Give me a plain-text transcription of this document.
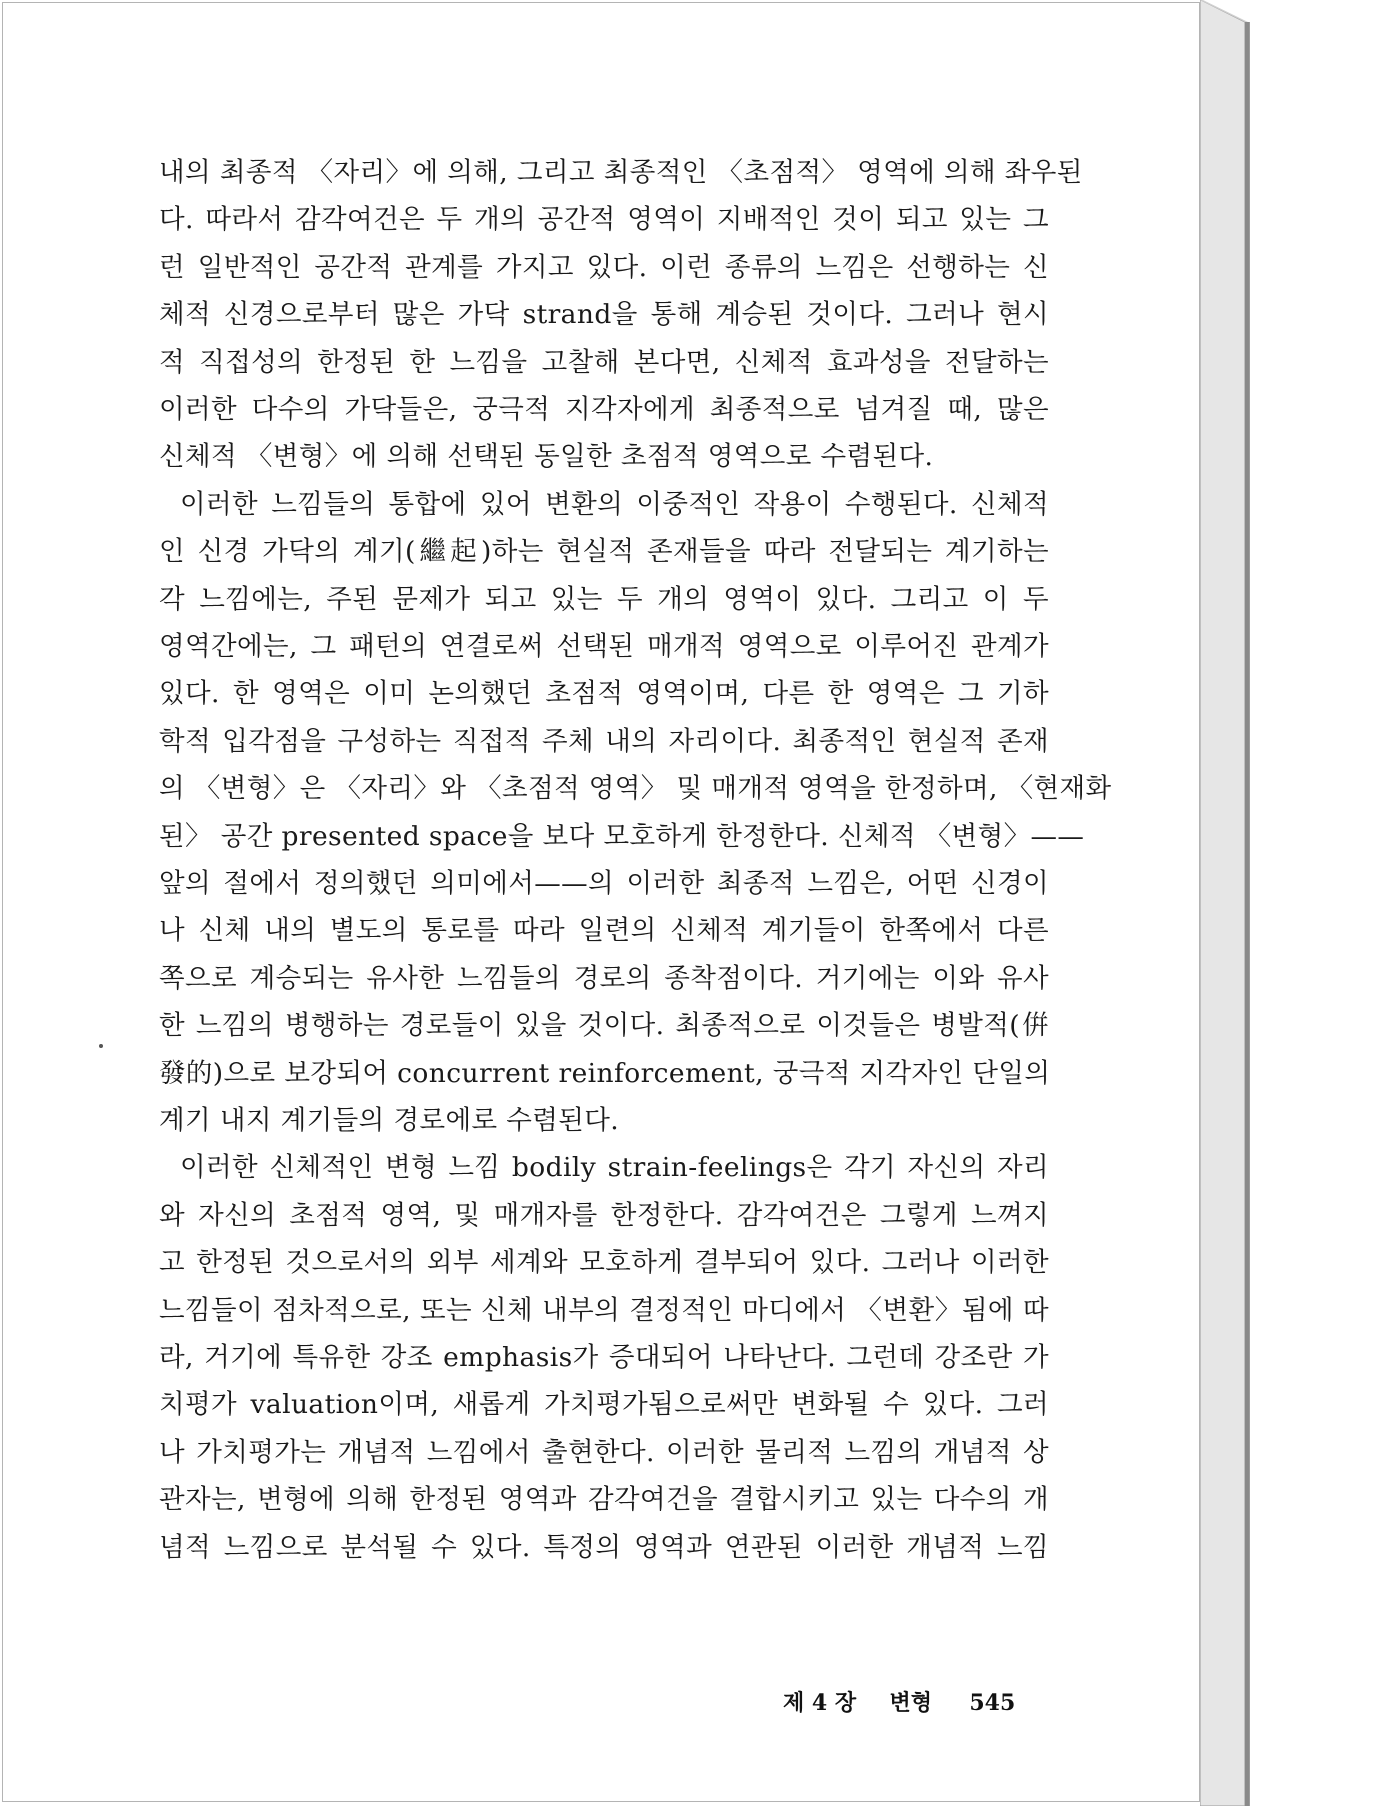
내의 최종적 〈자리〉에 의해, 그리고 최종적인 〈초점적〉 영역에 의해 좌우된
다. 따라서 감각여건은 두 개의 공간적 영역이 지배적인 것이 되고 있는 그
런 일반적인 공간적 관계를 가지고 있다. 이런 종류의 느낌은 선행하는 신
체적 신경으로부터 많은 가닥 strand을 통해 계승된 것이다. 그러나 현시
적 직접성의 한정된 한 느낌을 고찰해 본다면, 신체적 효과성을 전달하는
이러한 다수의 가닥들은, 궁극적 지각자에게 최종적으로 넘겨질 때, 많은
신체적 〈변형〉에 의해 선택된 동일한 초점적 영역으로 수렴된다.
이러한 느낌들의 통합에 있어 변환의 이중적인 작용이 수행된다. 신체적
인 신경 가닥의 계기(繼起)하는 현실적 존재들을 따라 전달되는 계기하는
각 느낌에는, 주된 문제가 되고 있는 두 개의 영역이 있다. 그리고 이 두
영역간에는, 그 패턴의 연결로써 선택된 매개적 영역으로 이루어진 관계가
있다. 한 영역은 이미 논의했던 초점적 영역이며, 다른 한 영역은 그 기하
학적 입각점을 구성하는 직접적 주체 내의 자리이다. 최종적인 현실적 존재
의 〈변형〉은 〈자리〉와 〈초점적 영역〉 및 매개적 영역을 한정하며, 〈현재화
된〉 공간 presented space을 보다 모호하게 한정한다. 신체적 〈변형〉——
앞의 절에서 정의했던 의미에서——의 이러한 최종적 느낌은, 어떤 신경이
나 신체 내의 별도의 통로를 따라 일련의 신체적 계기들이 한쪽에서 다른
쪽으로 계승되는 유사한 느낌들의 경로의 종착점이다. 거기에는 이와 유사
한 느낌의 병행하는 경로들이 있을 것이다. 최종적으로 이것들은 병발적(倂
發的)으로 보강되어 concurrent reinforcement, 궁극적 지각자인 단일의
계기 내지 계기들의 경로에로 수렴된다.
이러한 신체적인 변형 느낌 bodily strain-feelings은 각기 자신의 자리
와 자신의 초점적 영역, 및 매개자를 한정한다. 감각여건은 그렇게 느껴지
고 한정된 것으로서의 외부 세계와 모호하게 결부되어 있다. 그러나 이러한
느낌들이 점차적으로, 또는 신체 내부의 결정적인 마디에서 〈변환〉됨에 따
라, 거기에 특유한 강조 emphasis가 증대되어 나타난다. 그런데 강조란 가
치평가 valuation이며, 새롭게 가치평가됨으로써만 변화될 수 있다. 그러
나 가치평가는 개념적 느낌에서 출현한다. 이러한 물리적 느낌의 개념적 상
관자는, 변형에 의해 한정된 영역과 감각여건을 결합시키고 있는 다수의 개
념적 느낌으로 분석될 수 있다. 특정의 영역과 연관된 이러한 개념적 느낌
제 4 장 변형 545
